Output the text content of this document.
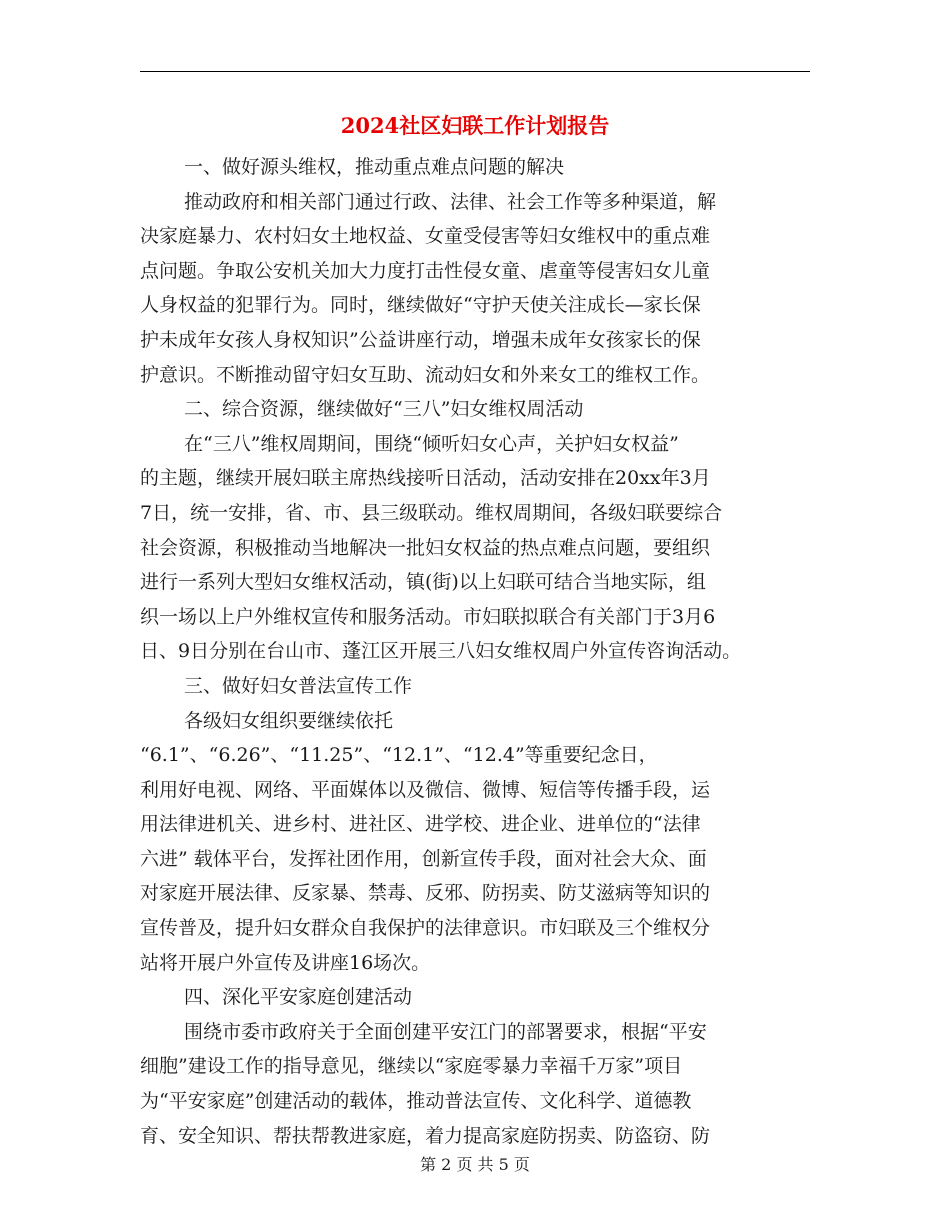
2024社区妇联工作计划报告
一、做好源头维权，推动重点难点问题的解决
推动政府和相关部门通过行政、法律、社会工作等多种渠道，解
决家庭暴力、农村妇女土地权益、女童受侵害等妇女维权中的重点难
点问题。争取公安机关加大力度打击性侵女童、虐童等侵害妇女儿童
人身权益的犯罪行为。同时，继续做好“守护天使关注成长—家长保
护未成年女孩人身权知识”公益讲座行动，增强未成年女孩家长的保
护意识。不断推动留守妇女互助、流动妇女和外来女工的维权工作。
二、综合资源，继续做好“三八”妇女维权周活动
在“三八”维权周期间，围绕“倾听妇女心声，关护妇女权益”
的主题，继续开展妇联主席热线接听日活动，活动安排在20xx年3月
7日，统一安排，省、市、县三级联动。维权周期间，各级妇联要综合
社会资源，积极推动当地解决一批妇女权益的热点难点问题，要组织
进行一系列大型妇女维权活动，镇(街)以上妇联可结合当地实际，组
织一场以上户外维权宣传和服务活动。市妇联拟联合有关部门于3月6
日、9日分别在台山市、蓬江区开展三八妇女维权周户外宣传咨询活动。
三、做好妇女普法宣传工作
各级妇女组织要继续依托
“6.1”、“6.26”、“11.25”、“12.1”、“12.4”等重要纪念日，
利用好电视、网络、平面媒体以及微信、微博、短信等传播手段，运
用法律进机关、进乡村、进社区、进学校、进企业、进单位的“法律
六进” 载体平台，发挥社团作用，创新宣传手段，面对社会大众、面
对家庭开展法律、反家暴、禁毒、反邪、防拐卖、防艾滋病等知识的
宣传普及，提升妇女群众自我保护的法律意识。市妇联及三个维权分
站将开展户外宣传及讲座16场次。
四、深化平安家庭创建活动
围绕市委市政府关于全面创建平安江门的部署要求，根据“平安
细胞”建设工作的指导意见，继续以“家庭零暴力幸福千万家”项目
为“平安家庭”创建活动的载体，推动普法宣传、文化科学、道德教
育、安全知识、帮扶帮教进家庭，着力提高家庭防拐卖、防盗窃、防
第 2 页 共 5 页
